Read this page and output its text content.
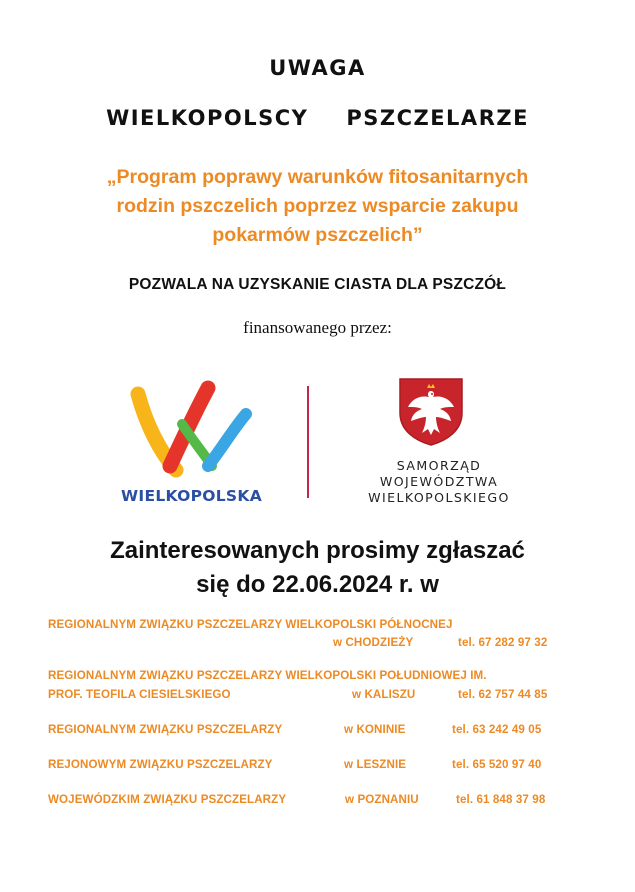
UWAGA
WIELKOPOLSCY PSZCZELARZE
„Program poprawy warunków fitosanitarnych
rodzin pszczelich poprzez wsparcie zakupu
pokarmów pszczelich”
POZWALA NA UZYSKANIE CIASTA DLA PSZCZÓŁ
finansowanego przez:
WIELKOPOLSKA
SAMORZĄD
WOJEWÓDZTWA
WIELKOPOLSKIEGO
Zainteresowanych prosimy zgłaszać
się do 22.06.2024 r. w
REGIONALNYM ZWIĄZKU PSZCZELARZY WIELKOPOLSKI PÓŁNOCNEJ
w CHODZIEŻY	tel. 67 282 97 32
REGIONALNYM ZWIĄZKU PSZCZELARZY WIELKOPOLSKI POŁUDNIOWEJ IM.
PROF. TEOFILA CIESIELSKIEGO	w KALISZU	tel. 62 757 44 85
REGIONALNYM ZWIĄZKU PSZCZELARZY	w KONINIE	tel. 63 242 49 05
REJONOWYM ZWIĄZKU PSZCZELARZY	w LESZNIE	tel. 65 520 97 40
WOJEWÓDZKIM ZWIĄZKU PSZCZELARZY	w POZNANIU	tel. 61 848 37 98
